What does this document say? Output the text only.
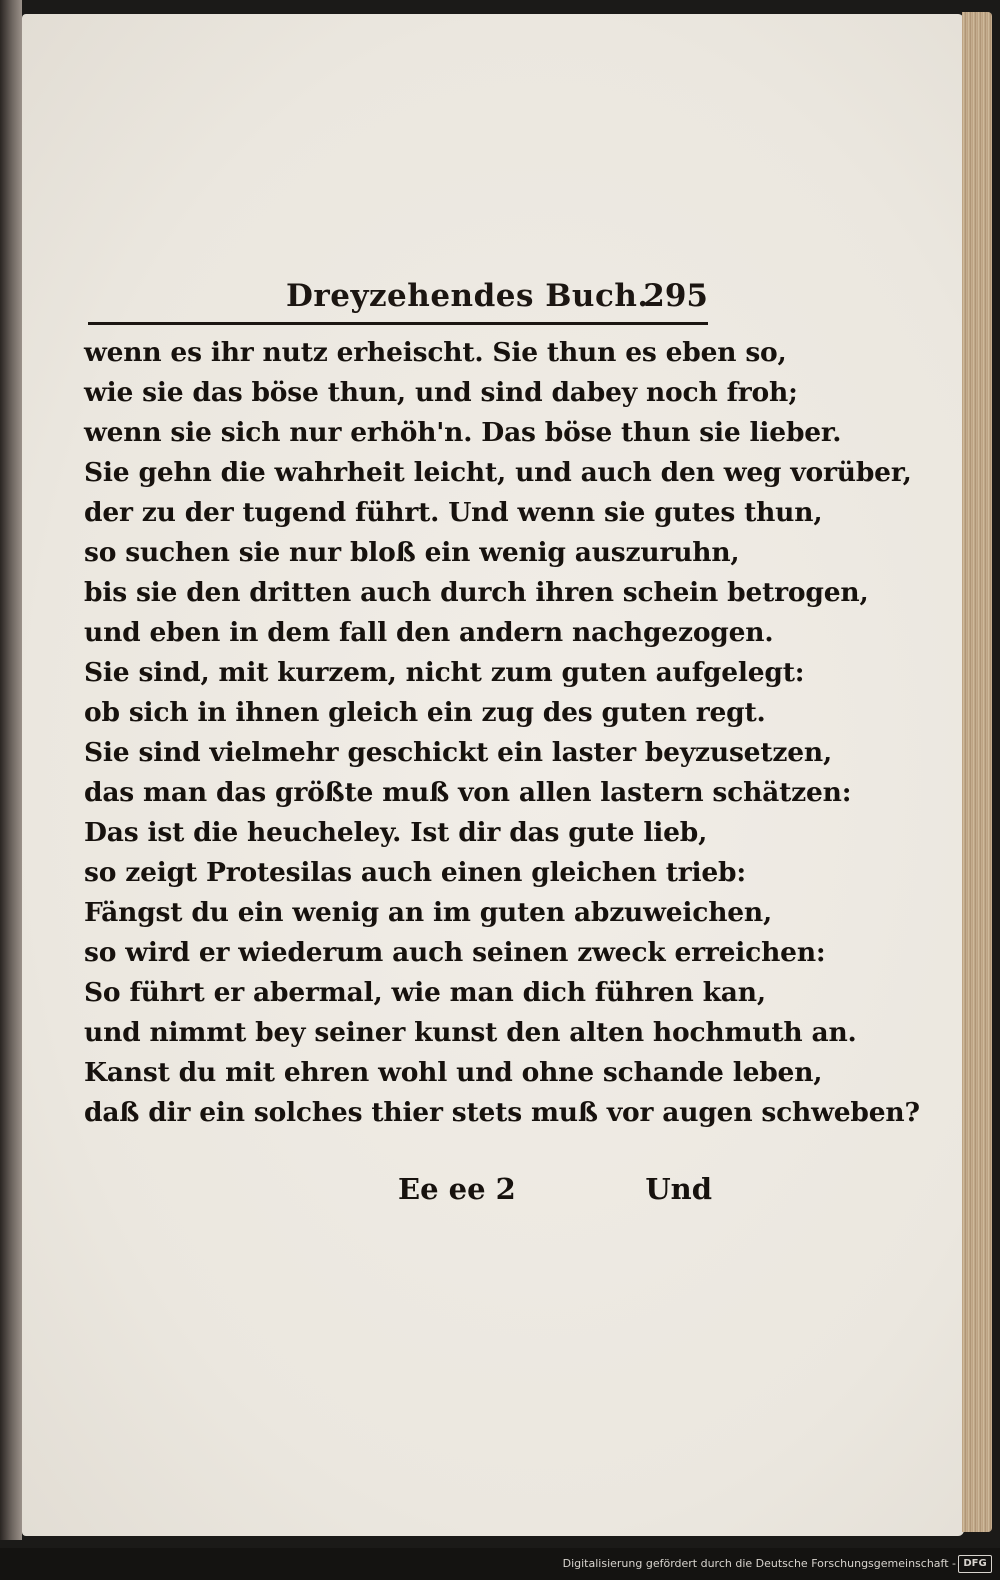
Dreyzehendes Buch.
295
wenn es ihr nutz erheischt. Sie thun es eben so,
wie sie das böse thun, und sind dabey noch froh;
wenn sie sich nur erhöh'n. Das böse thun sie lieber.
Sie gehn die wahrheit leicht, und auch den weg vorüber,
der zu der tugend führt. Und wenn sie gutes thun,
so suchen sie nur bloß ein wenig auszuruhn,
bis sie den dritten auch durch ihren schein betrogen,
und eben in dem fall den andern nachgezogen.
Sie sind, mit kurzem, nicht zum guten aufgelegt:
ob sich in ihnen gleich ein zug des guten regt.
Sie sind vielmehr geschickt ein laster beyzusetzen,
das man das größte muß von allen lastern schätzen:
Das ist die heucheley. Ist dir das gute lieb,
so zeigt Protesilas auch einen gleichen trieb:
Fängst du ein wenig an im guten abzuweichen,
so wird er wiederum auch seinen zweck erreichen:
So führt er abermal, wie man dich führen kan,
und nimmt bey seiner kunst den alten hochmuth an.
Kanst du mit ehren wohl und ohne schande leben,
daß dir ein solches thier stets muß vor augen schweben?
Ee ee 2	Und
Digitalisierung gefördert durch die Deutsche Forschungsgemeinschaft - DFG
